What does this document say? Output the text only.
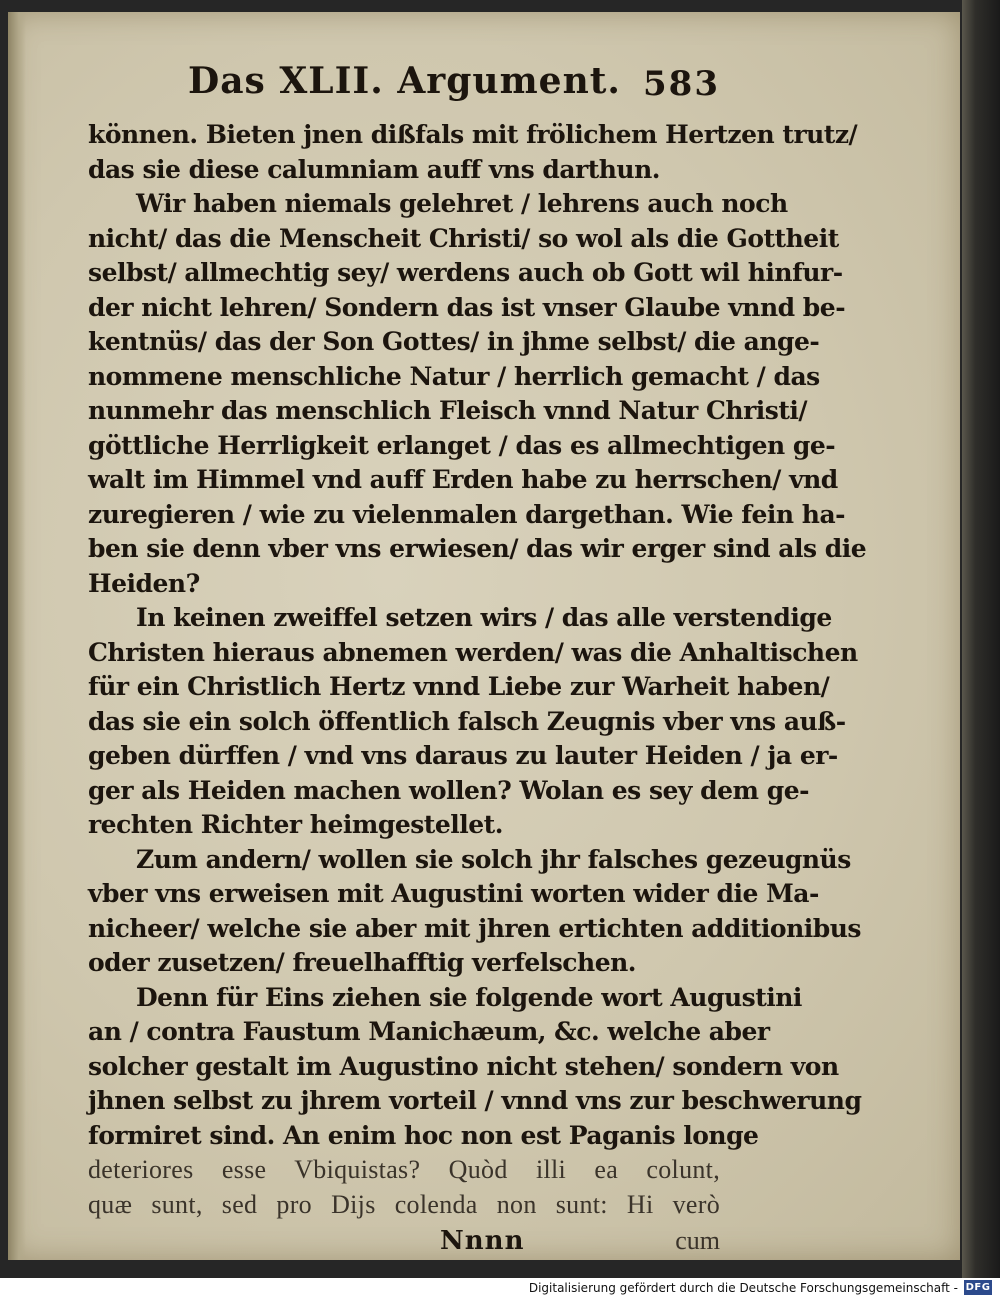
Das XLII. Argument. 583
können. Bieten jnen dißfals mit frölichem Hertzen trutz/
das sie diese calumniam auff vns darthun.
Wir haben niemals gelehret / lehrens auch noch
nicht/ das die Menscheit Christi/ so wol als die Gottheit
selbst/ allmechtig sey/ werdens auch ob Gott wil hinfur-
der nicht lehren/ Sondern das ist vnser Glaube vnnd be-
kentnüs/ das der Son Gottes/ in jhme selbst/ die ange-
nommene menschliche Natur / herrlich gemacht / das
nunmehr das menschlich Fleisch vnnd Natur Christi/
göttliche Herrligkeit erlanget / das es allmechtigen ge-
walt im Himmel vnd auff Erden habe zu herrschen/ vnd
zuregieren / wie zu vielenmalen dargethan. Wie fein ha-
ben sie denn vber vns erwiesen/ das wir erger sind als die
Heiden?
In keinen zweiffel setzen wirs / das alle verstendige
Christen hieraus abnemen werden/ was die Anhaltischen
für ein Christlich Hertz vnnd Liebe zur Warheit haben/
das sie ein solch öffentlich falsch Zeugnis vber vns auß-
geben dürffen / vnd vns daraus zu lauter Heiden / ja er-
ger als Heiden machen wollen? Wolan es sey dem ge-
rechten Richter heimgestellet.
Zum andern/ wollen sie solch jhr falsches gezeugnüs
vber vns erweisen mit Augustini worten wider die Ma-
nicheer/ welche sie aber mit jhren ertichten additionibus
oder zusetzen/ freuelhafftig verfelschen.
Denn für Eins ziehen sie folgende wort Augustini
an / contra Faustum Manichæum, &c. welche aber
solcher gestalt im Augustino nicht stehen/ sondern von
jhnen selbst zu jhrem vorteil / vnnd vns zur beschwerung
formiret sind. An enim hoc non est Paganis longe
deteriores esse Vbiquistas? Quòd illi ea colunt,
quæ sunt, sed pro Dijs colenda non sunt: Hi verò
Nnnn	cum
Digitalisierung gefördert durch die Deutsche Forschungsgemeinschaft - DFG
